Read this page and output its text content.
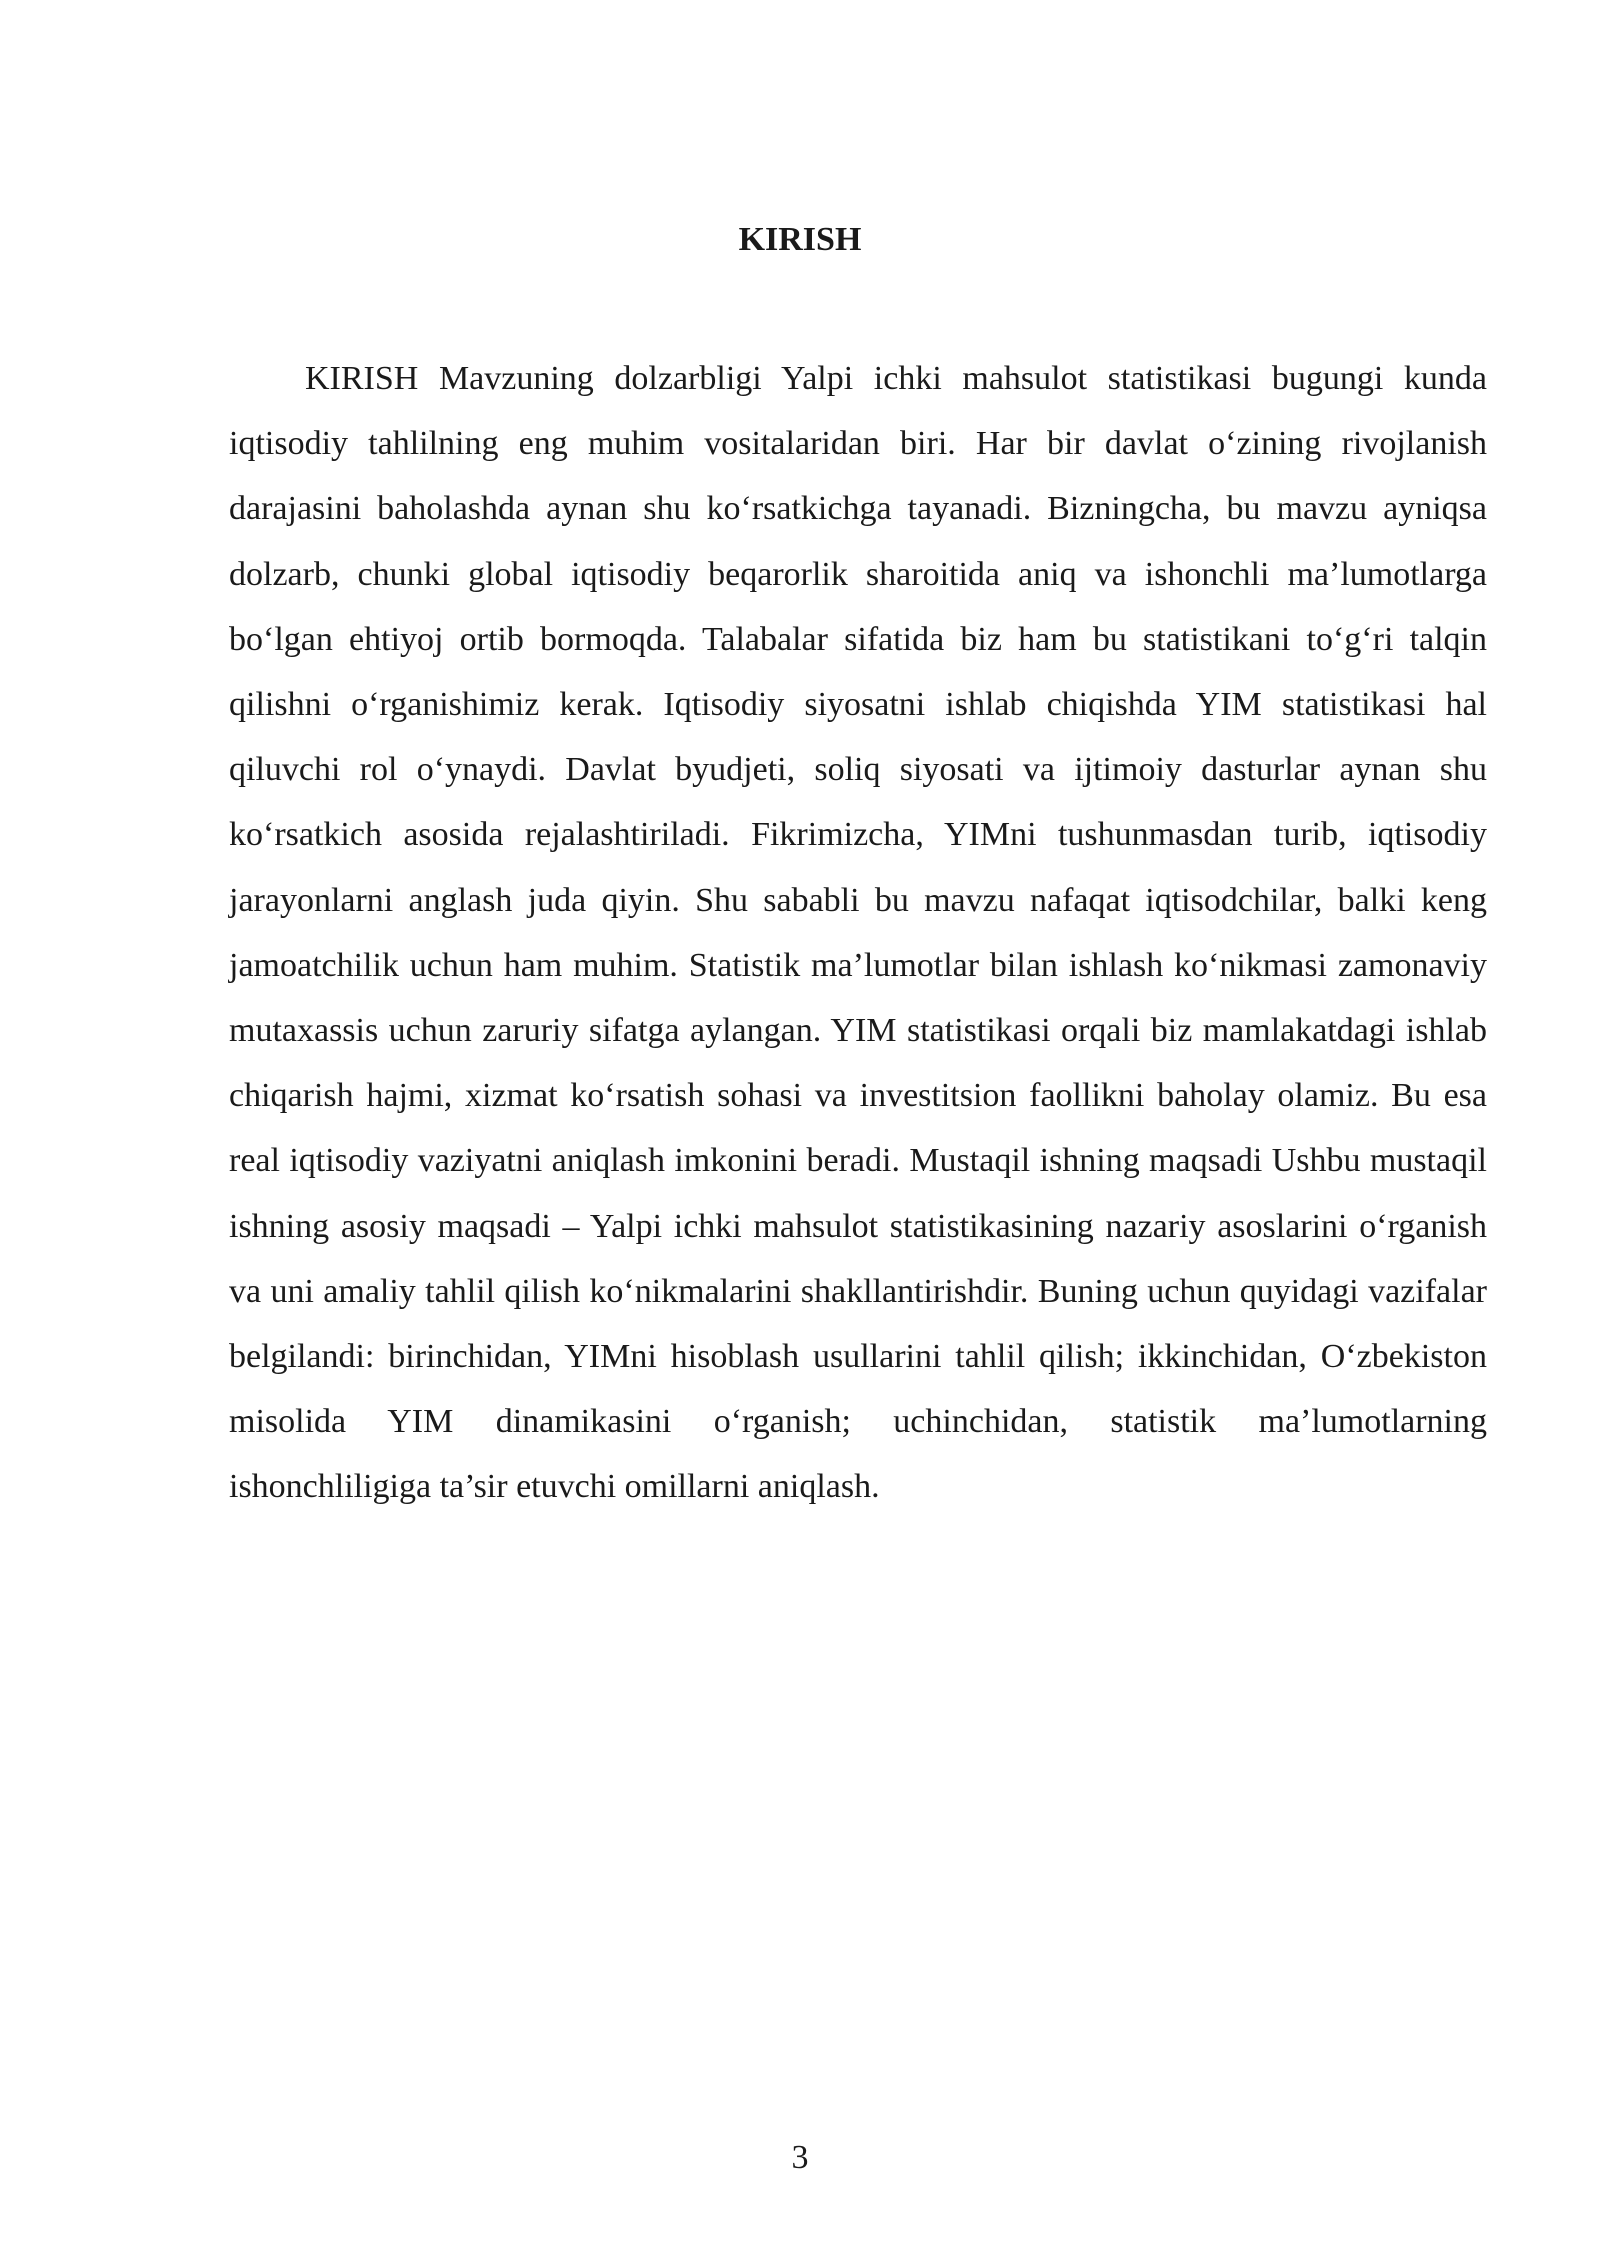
KIRISH

KIRISH Mavzuning dolzarbligi Yalpi ichki mahsulot statistikasi bugungi kunda iqtisodiy tahlilning eng muhim vositalaridan biri. Har bir davlat o‘zining rivojlanish darajasini baholashda aynan shu ko‘rsatkichga tayanadi. Bizningcha, bu mavzu ayniqsa dolzarb, chunki global iqtisodiy beqarorlik sharoitida aniq va ishonchli ma’lumotlarga bo‘lgan ehtiyoj ortib bormoqda. Talabalar sifatida biz ham bu statistikani to‘g‘ri talqin qilishni o‘rganishimiz kerak. Iqtisodiy siyosatni ishlab chiqishda YIM statistikasi hal qiluvchi rol o‘ynaydi. Davlat byudjeti, soliq siyosati va ijtimoiy dasturlar aynan shu ko‘rsatkich asosida rejalashtiriladi. Fikrimizcha, YIMni tushunmasdan turib, iqtisodiy jarayonlarni anglash juda qiyin. Shu sababli bu mavzu nafaqat iqtisodchilar, balki keng jamoatchilik uchun ham muhim. Statistik ma’lumotlar bilan ishlash ko‘nikmasi zamonaviy mutaxassis uchun zaruriy sifatga aylangan. YIM statistikasi orqali biz mamlakatdagi ishlab chiqarish hajmi, xizmat ko‘rsatish sohasi va investitsion faollikni baholay olamiz. Bu esa real iqtisodiy vaziyatni aniqlash imkonini beradi. Mustaqil ishning maqsadi Ushbu mustaqil ishning asosiy maqsadi – Yalpi ichki mahsulot statistikasining nazariy asoslarini o‘rganish va uni amaliy tahlil qilish ko‘nikmalarini shakllantirishdir. Buning uchun quyidagi vazifalar belgilandi: birinchidan, YIMni hisoblash usullarini tahlil qilish; ikkinchidan, O‘zbekiston misolida YIM dinamikasini o‘rganish; uchinchidan, statistik ma’lumotlarning ishonchliligiga ta’sir etuvchi omillarni aniqlash.

3
